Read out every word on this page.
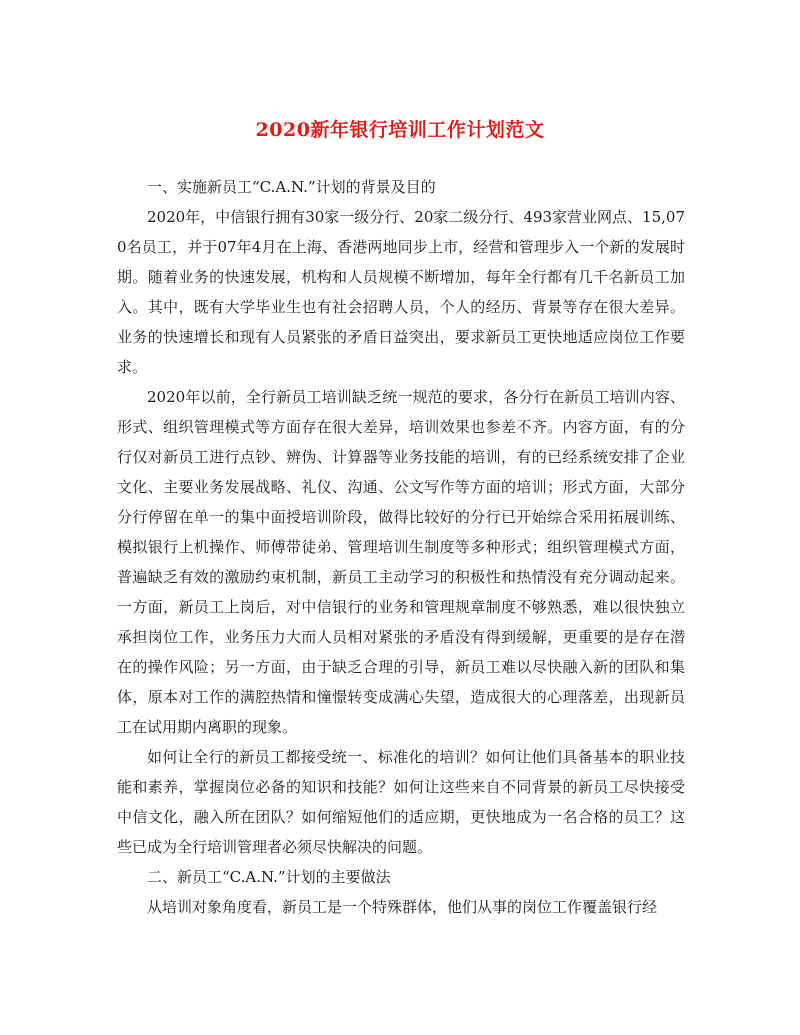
2020新年银行培训工作计划范文

一、实施新员工“C.A.N.”计划的背景及目的

2020年，中信银行拥有30家一级分行、20家二级分行、493家营业网点、15,070名员工，并于07年4月在上海、香港两地同步上市，经营和管理步入一个新的发展时期。随着业务的快速发展，机构和人员规模不断增加，每年全行都有几千名新员工加入。其中，既有大学毕业生也有社会招聘人员，个人的经历、背景等存在很大差异。业务的快速增长和现有人员紧张的矛盾日益突出，要求新员工更快地适应岗位工作要求。

2020年以前，全行新员工培训缺乏统一规范的要求，各分行在新员工培训内容、形式、组织管理模式等方面存在很大差异，培训效果也参差不齐。内容方面，有的分行仅对新员工进行点钞、辨伪、计算器等业务技能的培训，有的已经系统安排了企业文化、主要业务发展战略、礼仪、沟通、公文写作等方面的培训；形式方面，大部分分行停留在单一的集中面授培训阶段，做得比较好的分行已开始综合采用拓展训练、模拟银行上机操作、师傅带徒弟、管理培训生制度等多种形式；组织管理模式方面，普遍缺乏有效的激励约束机制，新员工主动学习的积极性和热情没有充分调动起来。一方面，新员工上岗后，对中信银行的业务和管理规章制度不够熟悉，难以很快独立承担岗位工作，业务压力大而人员相对紧张的矛盾没有得到缓解，更重要的是存在潜在的操作风险；另一方面，由于缺乏合理的引导，新员工难以尽快融入新的团队和集体，原本对工作的满腔热情和憧憬转变成满心失望，造成很大的心理落差，出现新员工在试用期内离职的现象。

如何让全行的新员工都接受统一、标准化的培训？如何让他们具备基本的职业技能和素养，掌握岗位必备的知识和技能？如何让这些来自不同背景的新员工尽快接受中信文化，融入所在团队？如何缩短他们的适应期，更快地成为一名合格的员工？这些已成为全行培训管理者必须尽快解决的问题。

二、新员工“C.A.N.”计划的主要做法

从培训对象角度看，新员工是一个特殊群体，他们从事的岗位工作覆盖银行经
